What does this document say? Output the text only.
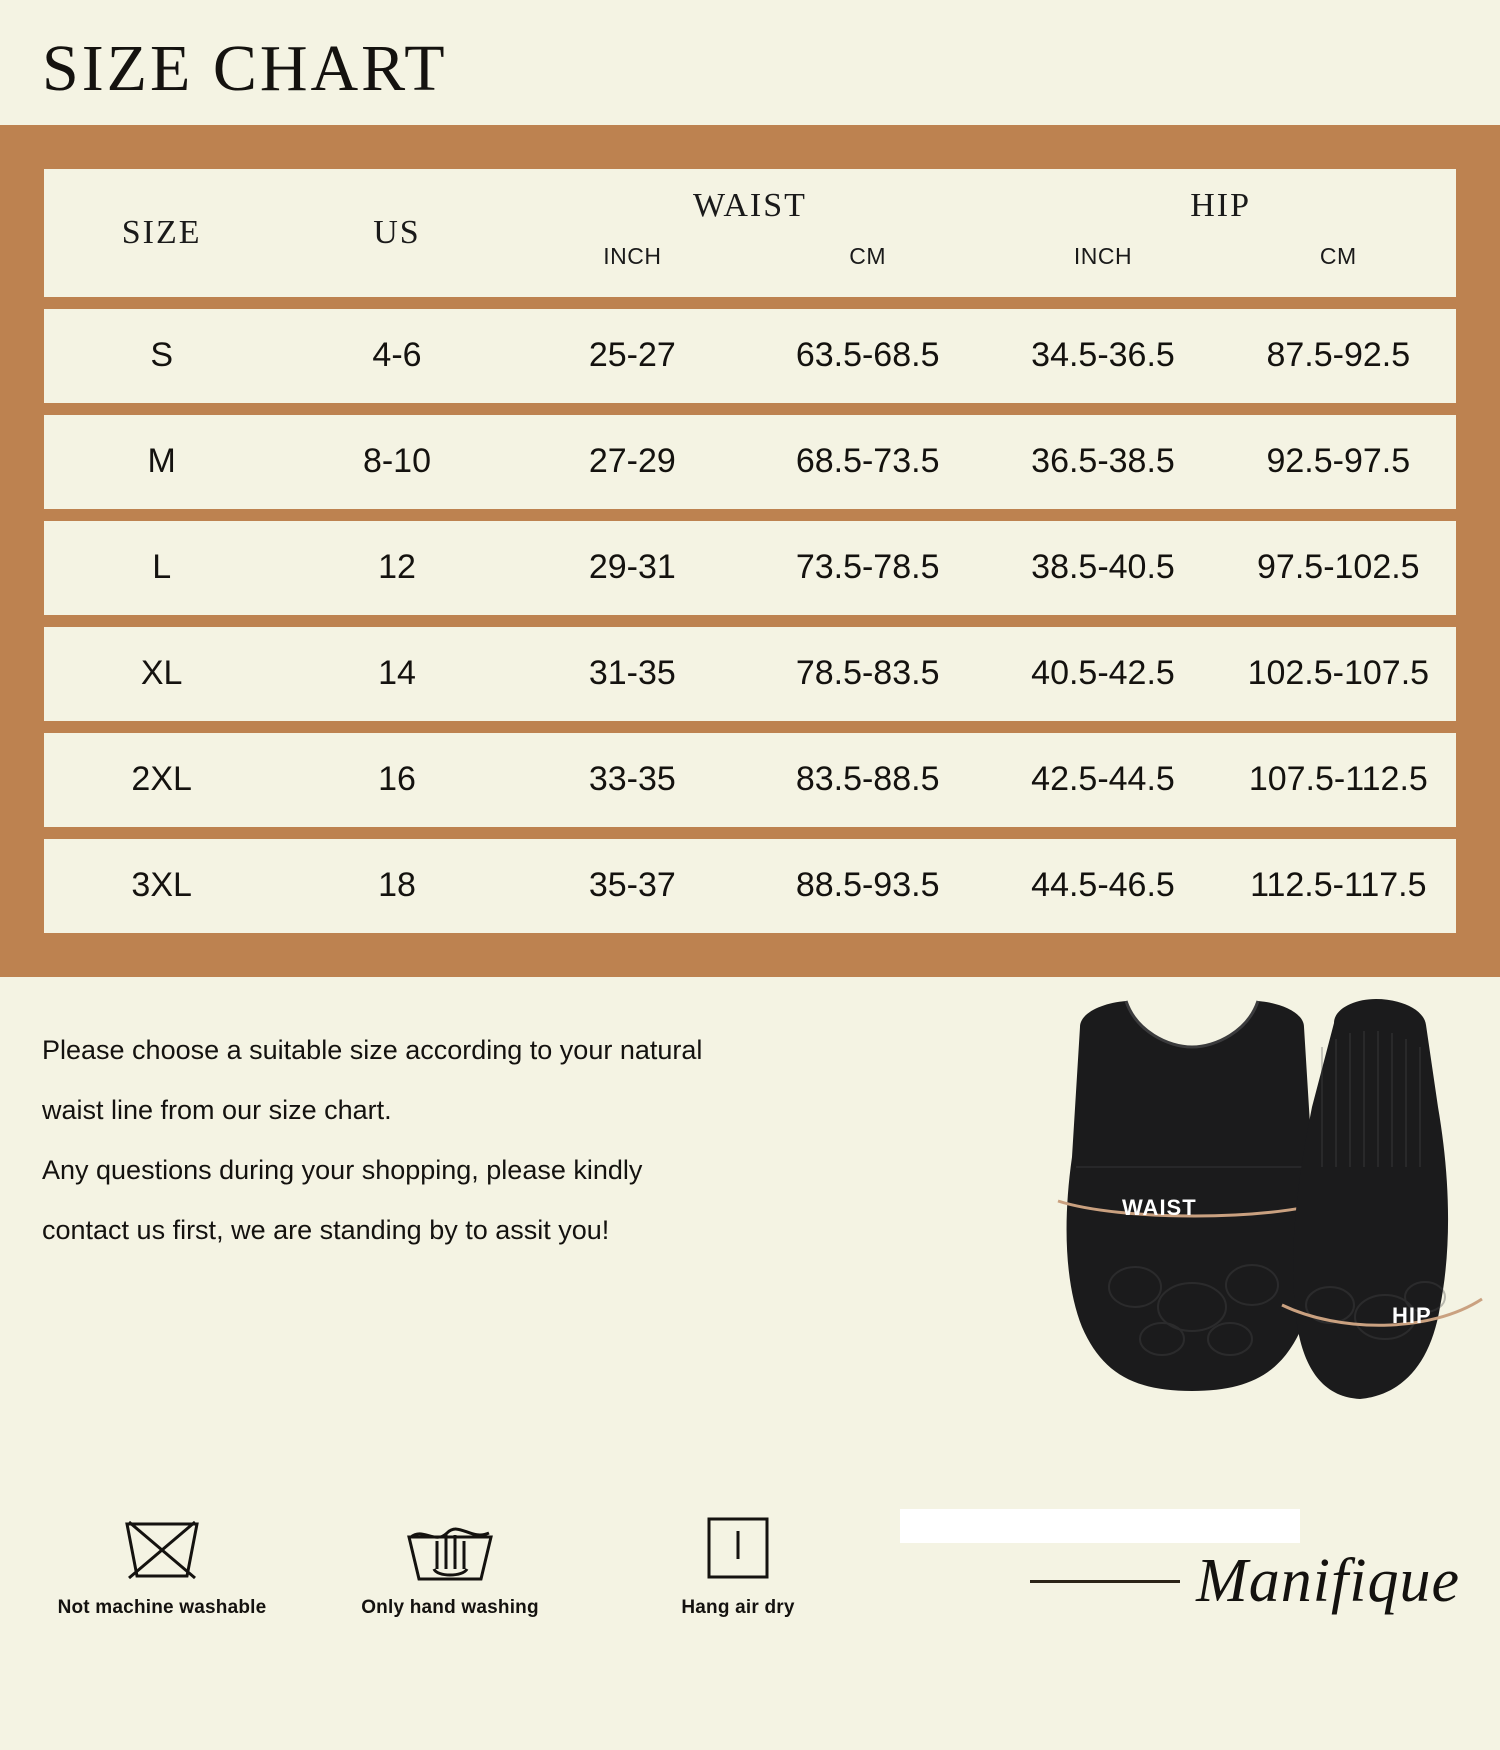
SIZE CHART
SIZE	US
WAIST
INCH	CM
HIP
INCH	CM
S	4-6	25-27	63.5-68.5	34.5-36.5	87.5-92.5
M	8-10	27-29	68.5-73.5	36.5-38.5	92.5-97.5
L	12	29-31	73.5-78.5	38.5-40.5	97.5-102.5
XL	14	31-35	78.5-83.5	40.5-42.5	102.5-107.5
2XL	16	33-35	83.5-88.5	42.5-44.5	107.5-112.5
3XL	18	35-37	88.5-93.5	44.5-46.5	112.5-117.5

Please choose a suitable size according to your natural

waist line from our size chart.

Any questions during your shopping, please kindly

contact us first, we are standing by to assit you!

Not machine washable	Only hand washing	Hang air dry
WAIST
HIP
Manifique
